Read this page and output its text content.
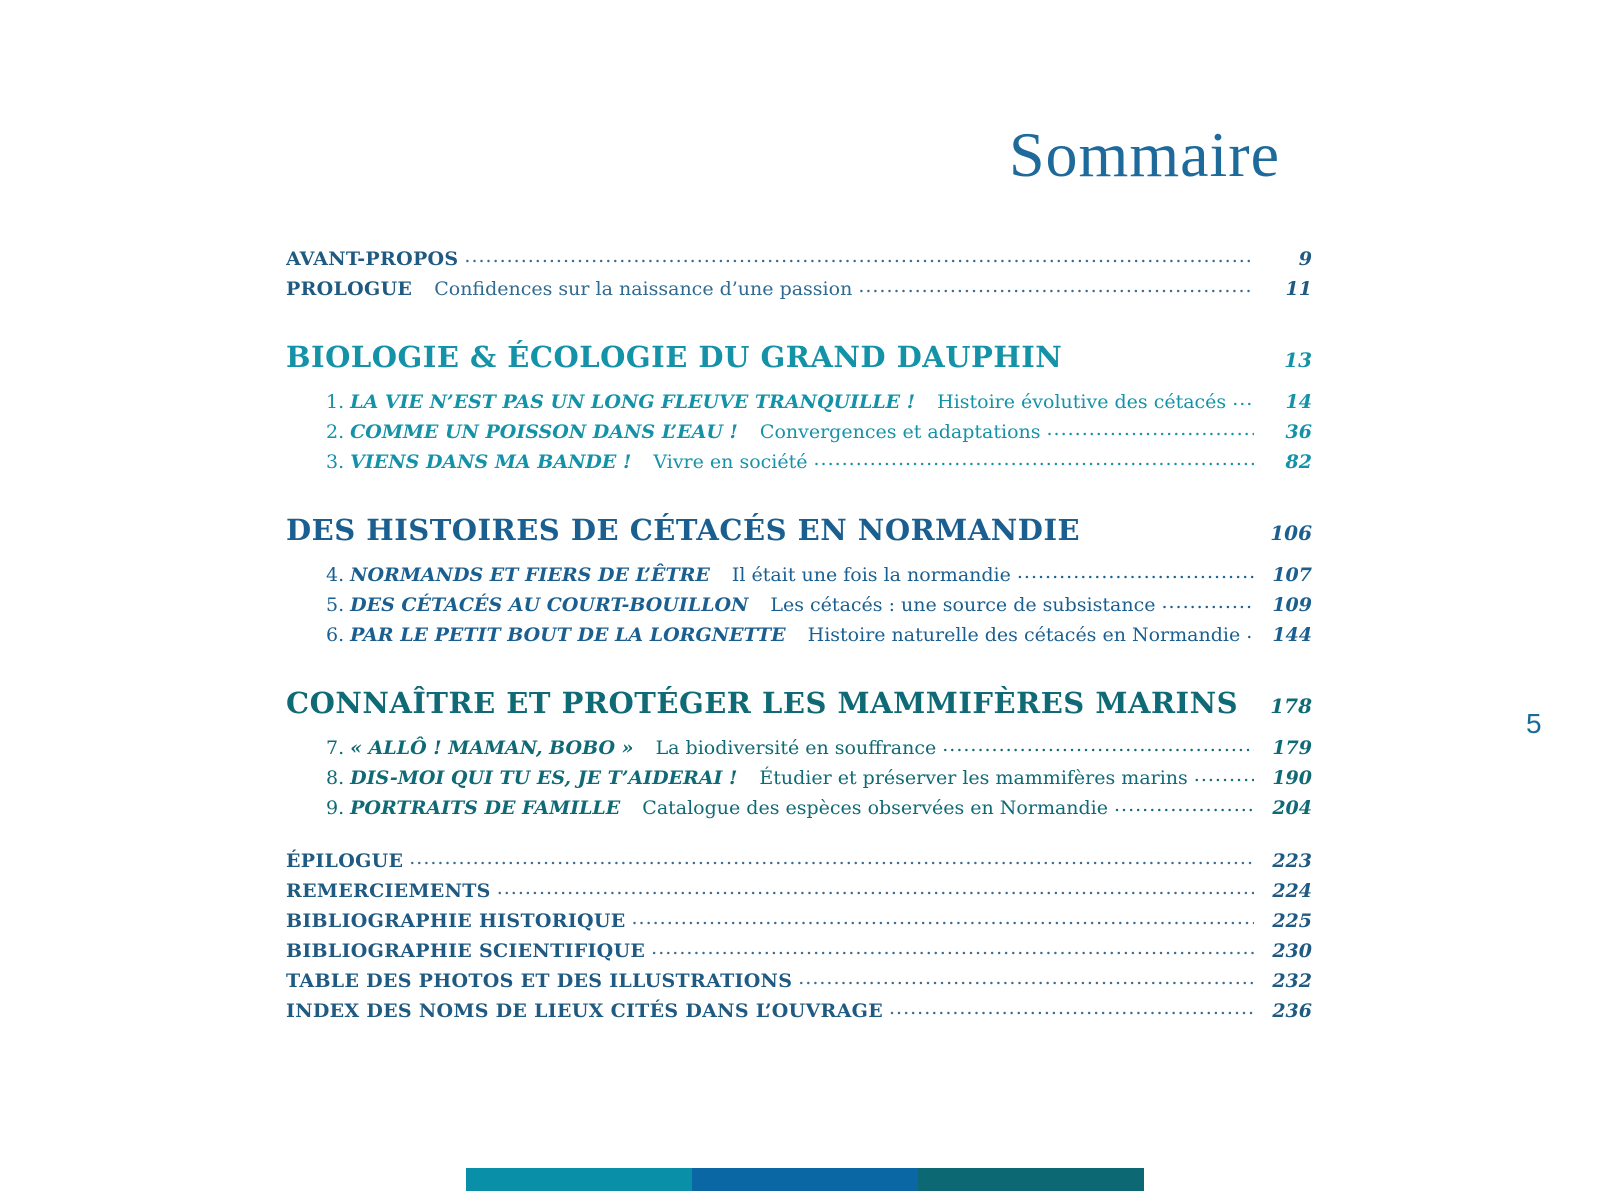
Sommaire
AVANT-PROPOS .....	9
PROLOGUE Confidences sur la naissance d’une passion .....	11
BIOLOGIE & ÉCOLOGIE DU GRAND DAUPHIN	13
1. LA VIE N’EST PAS UN LONG FLEUVE TRANQUILLE ! Histoire évolutive des cétacés .....	14
2. COMME UN POISSON DANS L’EAU ! Convergences et adaptations .....	36
3. VIENS DANS MA BANDE ! Vivre en société .....	82
DES HISTOIRES DE CÉTACÉS EN NORMANDIE	106
4. NORMANDS ET FIERS DE L’ÊTRE Il était une fois la normandie .....	107
5. DES CÉTACÉS AU COURT-BOUILLON Les cétacés : une source de subsistance .....	109
6. PAR LE PETIT BOUT DE LA LORGNETTE Histoire naturelle des cétacés en Normandie .....	144
CONNAÎTRE ET PROTÉGER LES MAMMIFÈRES MARINS	178
7. « ALLÔ ! MAMAN, BOBO » La biodiversité en souffrance .....	179
8. DIS-MOI QUI TU ES, JE T’AIDERAI ! Étudier et préserver les mammifères marins .....	190
9. PORTRAITS DE FAMILLE Catalogue des espèces observées en Normandie .....	204
ÉPILOGUE .....	223
REMERCIEMENTS .....	224
BIBLIOGRAPHIE HISTORIQUE .....	225
BIBLIOGRAPHIE SCIENTIFIQUE .....	230
TABLE DES PHOTOS ET DES ILLUSTRATIONS .....	232
INDEX DES NOMS DE LIEUX CITÉS DANS L’OUVRAGE .....	236
5
